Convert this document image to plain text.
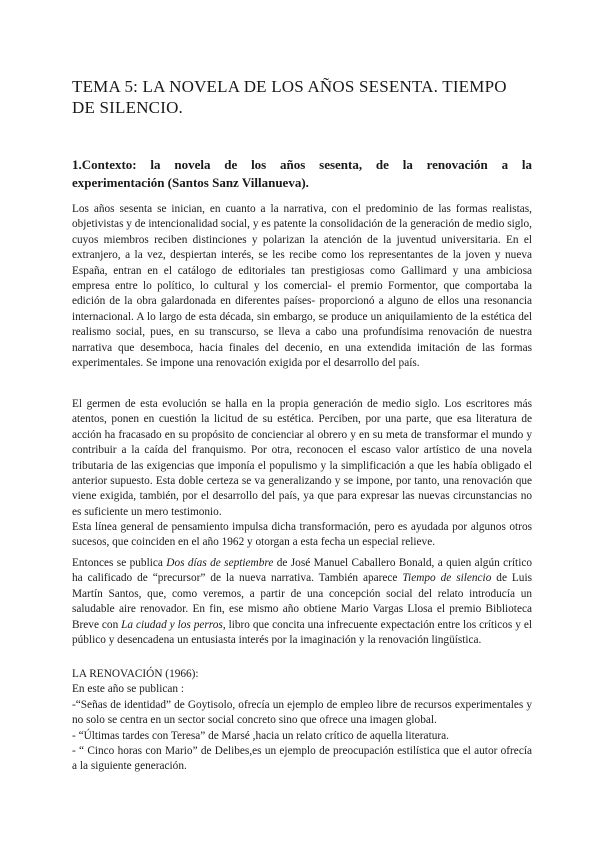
TEMA 5: LA NOVELA DE LOS AÑOS SESENTA. TIEMPO
DE SILENCIO.
1.Contexto: la novela de los años sesenta, de la renovación a la
experimentación (Santos Sanz Villanueva).

Los años sesenta se inician, en cuanto a la narrativa, con el predominio de las formas realistas, objetivistas y de intencionalidad social, y es patente la consolidación de la generación de medio siglo, cuyos miembros reciben distinciones y polarizan la atención de la juventud universitaria. En el extranjero, a la vez, despiertan interés, se les recibe como los representantes de la joven y nueva España, entran en el catálogo de editoriales tan prestigiosas como Gallimard y una ambiciosa empresa entre lo político, lo cultural y los comercial- el premio Formentor, que comportaba la edición de la obra galardonada en diferentes países- proporcionó a alguno de ellos una resonancia internacional. A lo largo de esta década, sin embargo, se produce un aniquilamiento de la estética del realismo social, pues, en su transcurso, se lleva a cabo una profundísima renovación de nuestra narrativa que desemboca, hacia finales del decenio, en una extendida imitación de las formas experimentales. Se impone una renovación exigida por el desarrollo del país.

El germen de esta evolución se halla en la propia generación de medio siglo. Los escritores más atentos, ponen en cuestión la licitud de su estética. Perciben, por una parte, que esa literatura de acción ha fracasado en su propósito de concienciar al obrero y en su meta de transformar el mundo y contribuir a la caída del franquismo. Por otra, reconocen el escaso valor artístico de una novela tributaria de las exigencias que imponía el populismo y la simplificación a que les había obligado el anterior supuesto. Esta doble certeza se va generalizando y se impone, por tanto, una renovación que viene exigida, también, por el desarrollo del país, ya que para expresar las nuevas circunstancias no es suficiente un mero testimonio.

Esta línea general de pensamiento impulsa dicha transformación, pero es ayudada por algunos otros sucesos, que coinciden en el año 1962 y otorgan a esta fecha un especial relieve.

Entonces se publica Dos días de septiembre de José Manuel Caballero Bonald, a quien algún crítico ha calificado de “precursor” de la nueva narrativa. También aparece Tiempo de silencio de Luis Martín Santos, que, como veremos, a partir de una concepción social del relato introducía un saludable aire renovador. En fin, ese mismo año obtiene Mario Vargas Llosa el premio Biblioteca Breve con La ciudad y los perros, libro que concita una infrecuente expectación entre los críticos y el público y desencadena un entusiasta interés por la imaginación y la renovación lingüística.

LA RENOVACIÓN (1966):
En este año se publican :
-“Señas de identidad” de Goytisolo, ofrecía un ejemplo de empleo libre de recursos experimentales y no solo se centra en un sector social concreto sino que ofrece una imagen global.
- “Últimas tardes con Teresa” de Marsé ,hacia un relato crítico de aquella literatura.
- “ Cinco horas con Mario” de Delibes,es un ejemplo de preocupación estilística que el autor ofrecía a la siguiente generación.
